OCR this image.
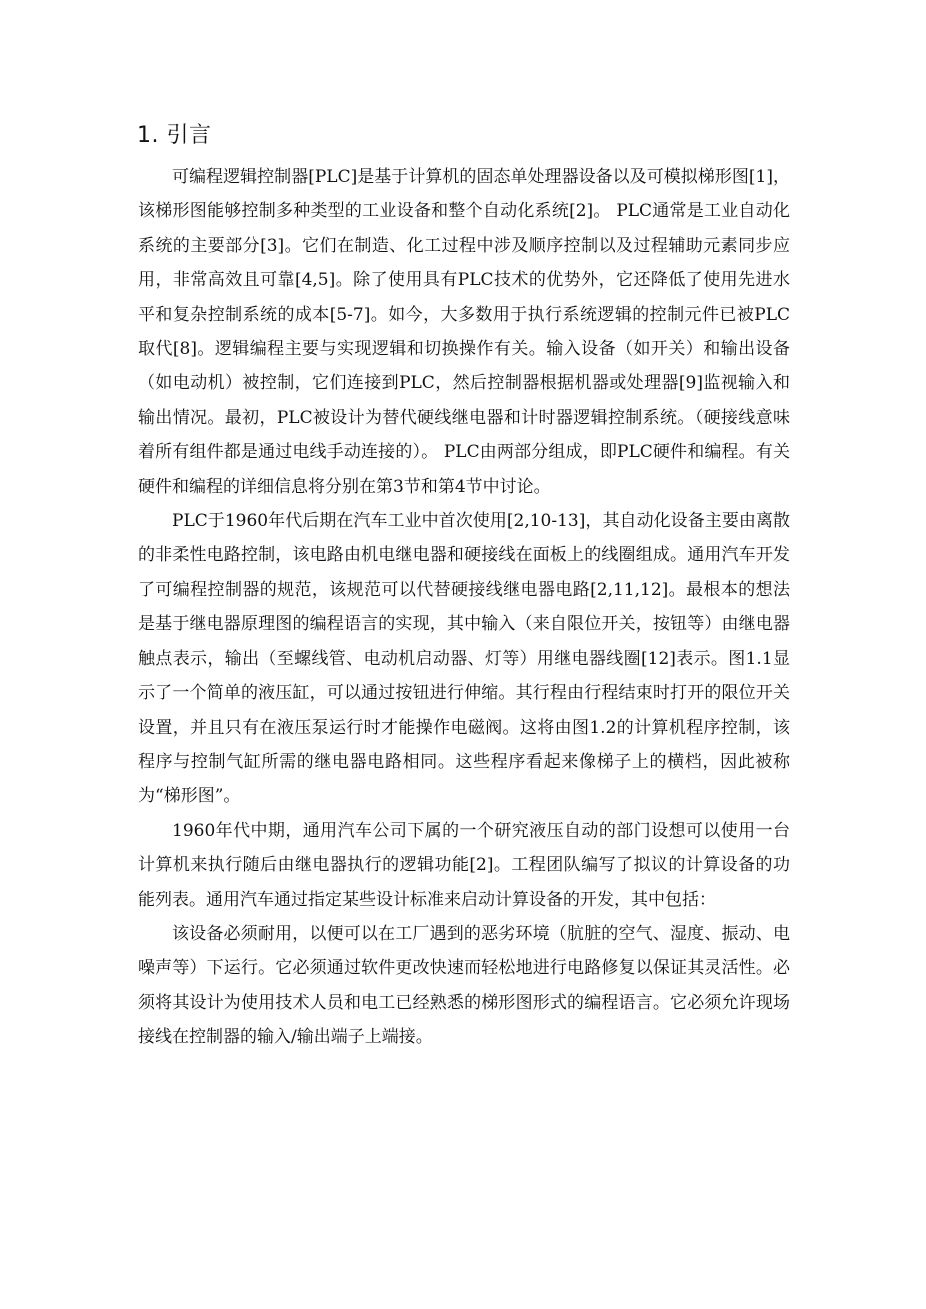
1. 引言

可编程逻辑控制器[PLC]是基于计算机的固态单处理器设备以及可模拟梯形图[1]，该梯形图能够控制多种类型的工业设备和整个自动化系统[2]。 PLC通常是工业自动化系统的主要部分[3]。它们在制造、化工过程中涉及顺序控制以及过程辅助元素同步应用，非常高效且可靠[4,5]。除了使用具有PLC技术的优势外，它还降低了使用先进水平和复杂控制系统的成本[5-7]。如今，大多数用于执行系统逻辑的控制元件已被PLC取代[8]。逻辑编程主要与实现逻辑和切换操作有关。输入设备（如开关）和输出设备（如电动机）被控制，它们连接到PLC，然后控制器根据机器或处理器[9]监视输入和输出情况。最初，PLC被设计为替代硬线继电器和计时器逻辑控制系统。（硬接线意味着所有组件都是通过电线手动连接的）。 PLC由两部分组成，即PLC硬件和编程。有关硬件和编程的详细信息将分别在第3节和第4节中讨论。

PLC于1960年代后期在汽车工业中首次使用[2,10-13]，其自动化设备主要由离散的非柔性电路控制，该电路由机电继电器和硬接线在面板上的线圈组成。通用汽车开发了可编程控制器的规范，该规范可以代替硬接线继电器电路[2,11,12]。最根本的想法是基于继电器原理图的编程语言的实现，其中输入（来自限位开关，按钮等）由继电器触点表示，输出（至螺线管、电动机启动器、灯等）用继电器线圈[12]表示。图1.1显示了一个简单的液压缸，可以通过按钮进行伸缩。其行程由行程结束时打开的限位开关设置，并且只有在液压泵运行时才能操作电磁阀。这将由图1.2的计算机程序控制，该程序与控制气缸所需的继电器电路相同。这些程序看起来像梯子上的横档，因此被称为“梯形图”。

1960年代中期，通用汽车公司下属的一个研究液压自动的部门设想可以使用一台计算机来执行随后由继电器执行的逻辑功能[2]。工程团队编写了拟议的计算设备的功能列表。通用汽车通过指定某些设计标准来启动计算设备的开发，其中包括：

该设备必须耐用，以便可以在工厂遇到的恶劣环境（肮脏的空气、湿度、振动、电噪声等）下运行。它必须通过软件更改快速而轻松地进行电路修复以保证其灵活性。必须将其设计为使用技术人员和电工已经熟悉的梯形图形式的编程语言。它必须允许现场接线在控制器的输入/输出端子上端接。
